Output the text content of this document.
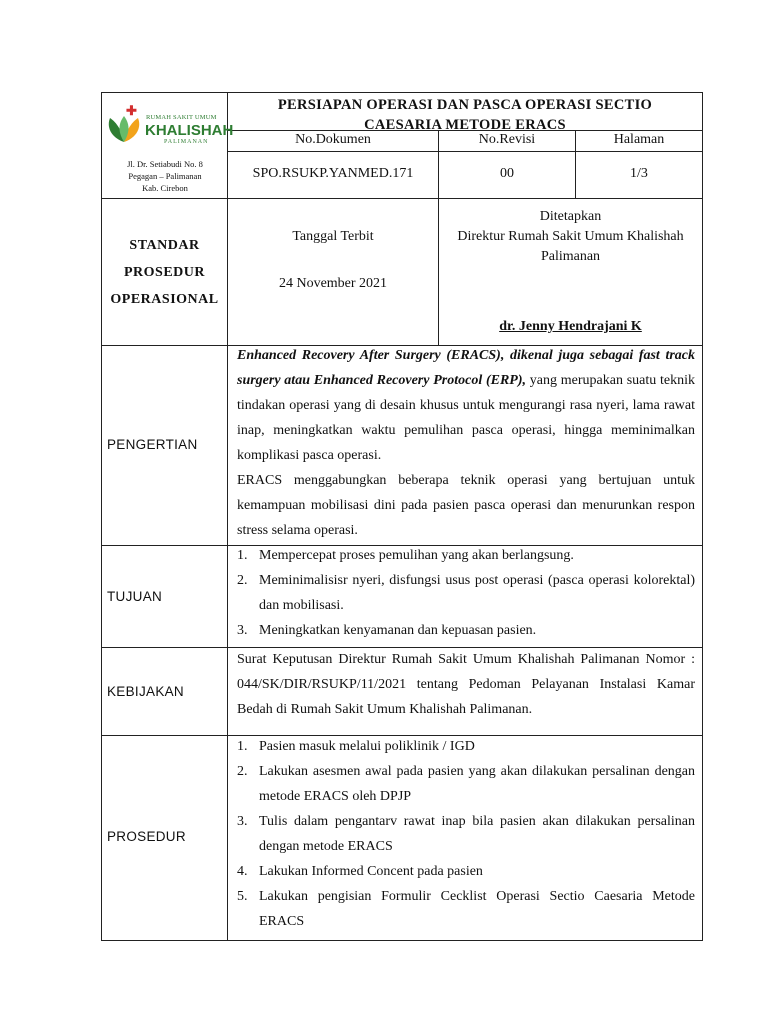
✚ RUMAH SAKIT UMUM
KHALISHAH
PALIMANAN
Jl. Dr. Setiabudi No. 8
Pegagan – Palimanan
Kab. Cirebon
PERSIAPAN OPERASI DAN PASCA OPERASI SECTIO
CAESARIA METODE ERACS
No.Dokumen	No.Revisi	Halaman
SPO.RSUKP.YANMED.171	00	1/3
STANDAR
PROSEDUR
OPERASIONAL
Tanggal Terbit
24 November 2021
Ditetapkan
Direktur Rumah Sakit Umum Khalishah
Palimanan
dr. Jenny Hendrajani K
PENGERTIAN

Enhanced Recovery After Surgery (ERACS), dikenal juga sebagai fast track surgery atau Enhanced Recovery Protocol (ERP), yang merupakan suatu teknik tindakan operasi yang di desain khusus untuk mengurangi rasa nyeri, lama rawat inap, meningkatkan waktu pemulihan pasca operasi, hingga meminimalkan komplikasi pasca operasi.

ERACS menggabungkan beberapa teknik operasi yang bertujuan untuk kemampuan mobilisasi dini pada pasien pasca operasi dan menurunkan respon stress selama operasi.

TUJUAN
1. Mempercepat proses pemulihan yang akan berlangsung.
2. Meminimalisisr nyeri, disfungsi usus post operasi (pasca operasi kolorektal) dan mobilisasi.
3. Meningkatkan kenyamanan dan kepuasan pasien.
KEBIJAKAN
Surat Keputusan Direktur Rumah Sakit Umum Khalishah Palimanan Nomor : 044/SK/DIR/RSUKP/11/2021 tentang Pedoman Pelayanan Instalasi Kamar Bedah di Rumah Sakit Umum Khalishah Palimanan.
PROSEDUR
1. Pasien masuk melalui poliklinik / IGD
2. Lakukan asesmen awal pada pasien yang akan dilakukan persalinan dengan metode ERACS oleh DPJP
3. Tulis dalam pengantarv rawat inap bila pasien akan dilakukan persalinan dengan metode ERACS
4. Lakukan Informed Concent pada pasien
5. Lakukan pengisian Formulir Cecklist Operasi Sectio Caesaria Metode ERACS
